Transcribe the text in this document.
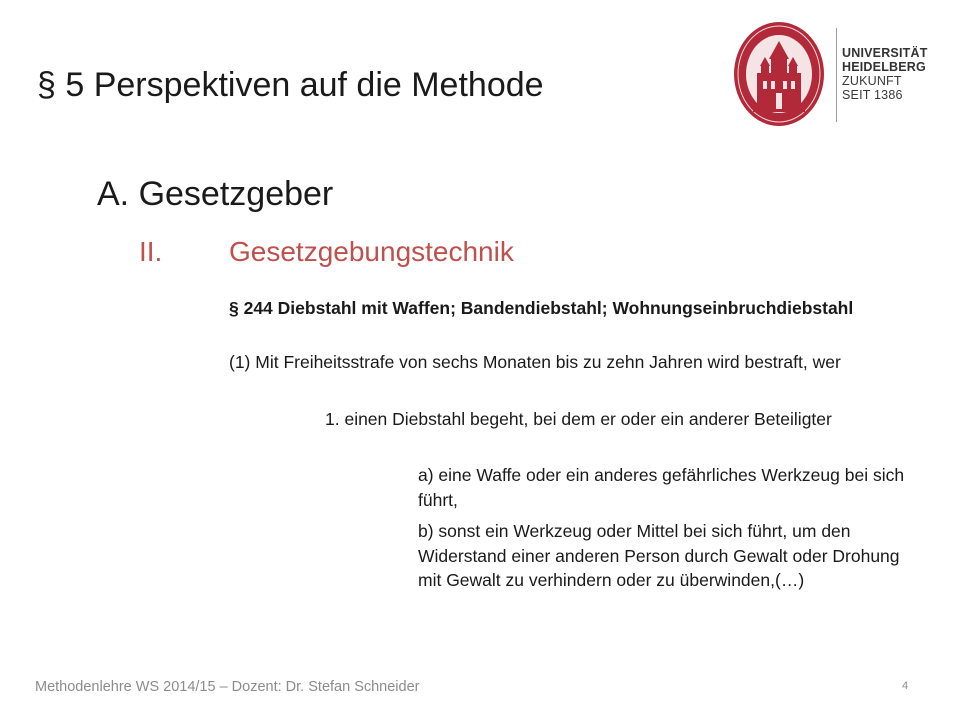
§ 5 Perspektiven auf die Methode
UNIVERSITÄT
HEIDELBERG
ZUKUNFT
SEIT 1386
A. Gesetzgeber
II. Gesetzgebungstechnik
§ 244 Diebstahl mit Waffen; Bandendiebstahl; Wohnungseinbruchdiebstahl
(1) Mit Freiheitsstrafe von sechs Monaten bis zu zehn Jahren wird bestraft, wer
1. einen Diebstahl begeht, bei dem er oder ein anderer Beteiligter
a) eine Waffe oder ein anderes gefährliches Werkzeug bei sich führt,
b) sonst ein Werkzeug oder Mittel bei sich führt, um den Widerstand einer anderen Person durch Gewalt oder Drohung mit Gewalt zu verhindern oder zu überwinden,(…)
Methodenlehre WS 2014/15 – Dozent: Dr. Stefan Schneider	4
